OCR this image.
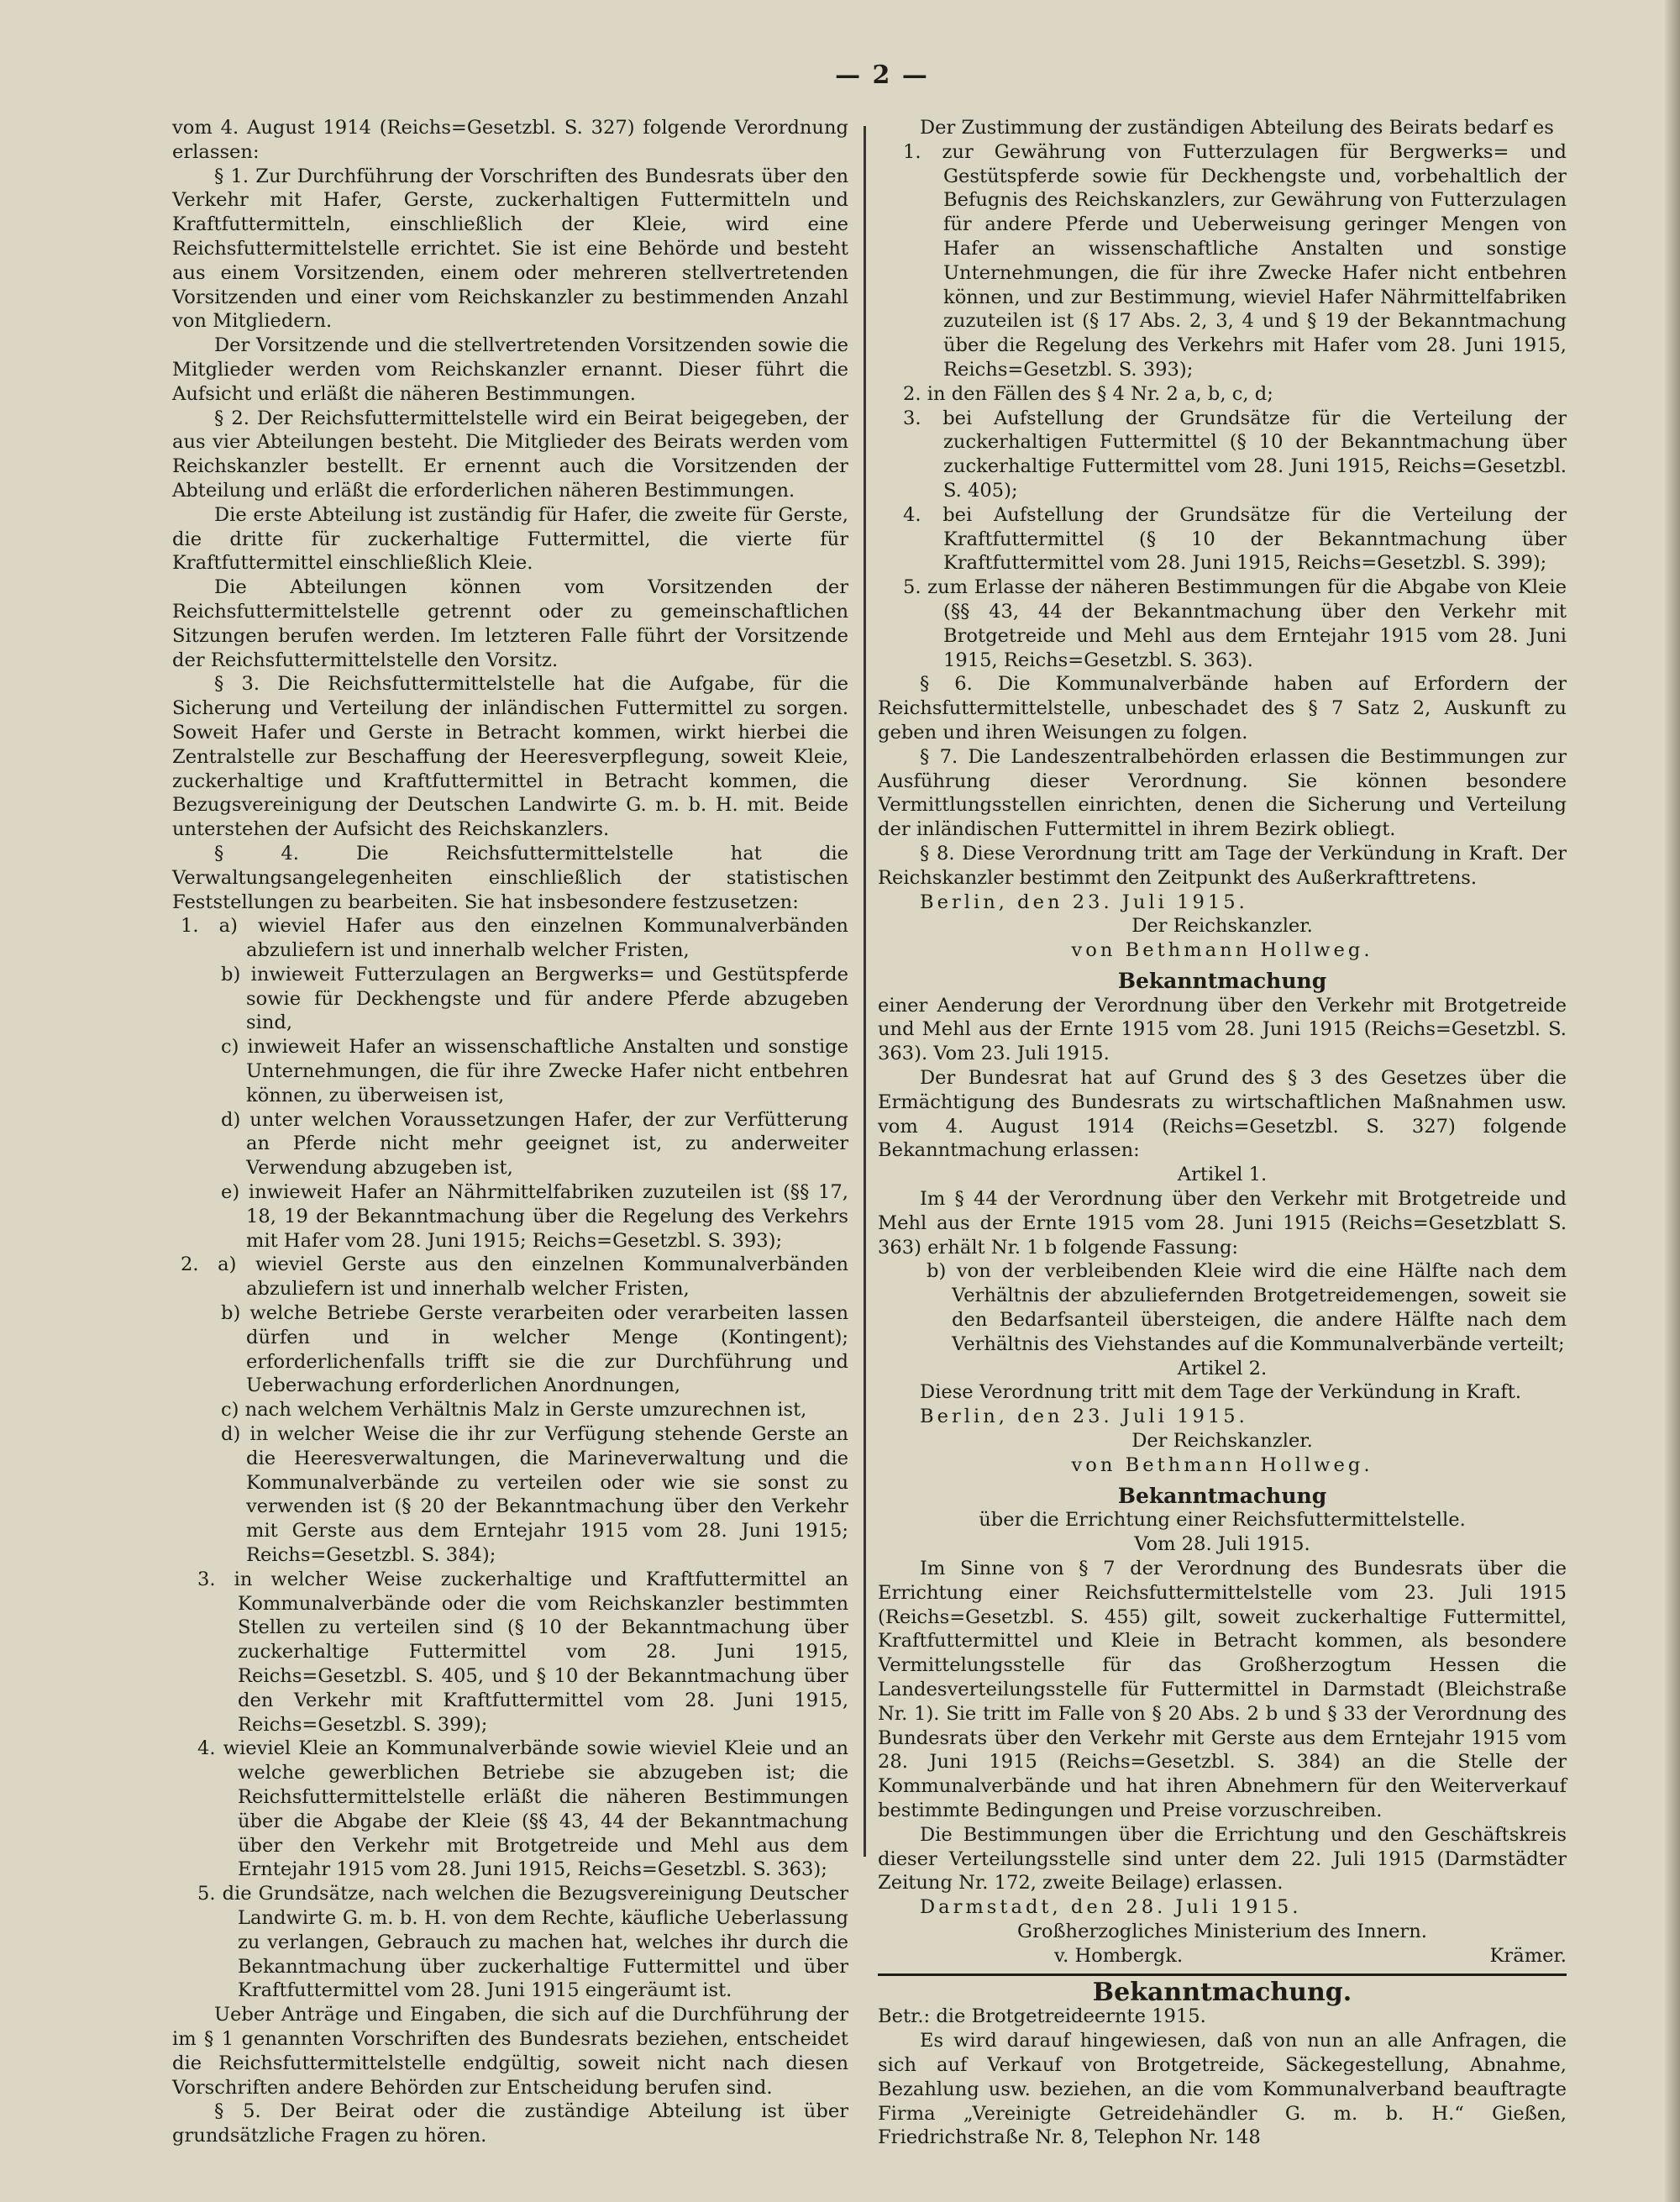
— 2 —

vom 4. August 1914 (Reichs=Gesetzbl. S. 327) folgende Verordnung erlassen:

§ 1. Zur Durchführung der Vorschriften des Bundesrats über den Verkehr mit Hafer, Gerste, zuckerhaltigen Futtermitteln und Kraftfuttermitteln, einschließlich der Kleie, wird eine Reichsfuttermittelstelle errichtet. Sie ist eine Behörde und besteht aus einem Vorsitzenden, einem oder mehreren stellvertretenden Vorsitzenden und einer vom Reichskanzler zu bestimmenden Anzahl von Mitgliedern.

Der Vorsitzende und die stellvertretenden Vorsitzenden sowie die Mitglieder werden vom Reichskanzler ernannt. Dieser führt die Aufsicht und erläßt die näheren Bestimmungen.

§ 2. Der Reichsfuttermittelstelle wird ein Beirat beigegeben, der aus vier Abteilungen besteht. Die Mitglieder des Beirats werden vom Reichskanzler bestellt. Er ernennt auch die Vorsitzenden der Abteilung und erläßt die erforderlichen näheren Bestimmungen.

Die erste Abteilung ist zuständig für Hafer, die zweite für Gerste, die dritte für zuckerhaltige Futtermittel, die vierte für Kraftfuttermittel einschließlich Kleie.

Die Abteilungen können vom Vorsitzenden der Reichsfuttermittelstelle getrennt oder zu gemeinschaftlichen Sitzungen berufen werden. Im letzteren Falle führt der Vorsitzende der Reichsfuttermittelstelle den Vorsitz.

§ 3. Die Reichsfuttermittelstelle hat die Aufgabe, für die Sicherung und Verteilung der inländischen Futtermittel zu sorgen. Soweit Hafer und Gerste in Betracht kommen, wirkt hierbei die Zentralstelle zur Beschaffung der Heeresverpflegung, soweit Kleie, zuckerhaltige und Kraftfuttermittel in Betracht kommen, die Bezugsvereinigung der Deutschen Landwirte G. m. b. H. mit. Beide unterstehen der Aufsicht des Reichskanzlers.

§ 4. Die Reichsfuttermittelstelle hat die Verwaltungsangelegenheiten einschließlich der statistischen Feststellungen zu bearbeiten. Sie hat insbesondere festzusetzen:

1. a) wieviel Hafer aus den einzelnen Kommunalverbänden abzuliefern ist und innerhalb welcher Fristen,

b) inwieweit Futterzulagen an Bergwerks= und Gestütspferde sowie für Deckhengste und für andere Pferde abzugeben sind,

c) inwieweit Hafer an wissenschaftliche Anstalten und sonstige Unternehmungen, die für ihre Zwecke Hafer nicht entbehren können, zu überweisen ist,

d) unter welchen Voraussetzungen Hafer, der zur Verfütterung an Pferde nicht mehr geeignet ist, zu anderweiter Verwendung abzugeben ist,

e) inwieweit Hafer an Nährmittelfabriken zuzuteilen ist (§§ 17, 18, 19 der Bekanntmachung über die Regelung des Verkehrs mit Hafer vom 28. Juni 1915; Reichs=Gesetzbl. S. 393);

2. a) wieviel Gerste aus den einzelnen Kommunalverbänden abzuliefern ist und innerhalb welcher Fristen,

b) welche Betriebe Gerste verarbeiten oder verarbeiten lassen dürfen und in welcher Menge (Kontingent); erforderlichenfalls trifft sie die zur Durchführung und Ueberwachung erforderlichen Anordnungen,

c) nach welchem Verhältnis Malz in Gerste umzurechnen ist,

d) in welcher Weise die ihr zur Verfügung stehende Gerste an die Heeresverwaltungen, die Marineverwaltung und die Kommunalverbände zu verteilen oder wie sie sonst zu verwenden ist (§ 20 der Bekanntmachung über den Verkehr mit Gerste aus dem Erntejahr 1915 vom 28. Juni 1915; Reichs=Gesetzbl. S. 384);

3. in welcher Weise zuckerhaltige und Kraftfuttermittel an Kommunalverbände oder die vom Reichskanzler bestimmten Stellen zu verteilen sind (§ 10 der Bekanntmachung über zuckerhaltige Futtermittel vom 28. Juni 1915, Reichs=Gesetzbl. S. 405, und § 10 der Bekanntmachung über den Verkehr mit Kraftfuttermittel vom 28. Juni 1915, Reichs=Gesetzbl. S. 399);

4. wieviel Kleie an Kommunalverbände sowie wieviel Kleie und an welche gewerblichen Betriebe sie abzugeben ist; die Reichsfuttermittelstelle erläßt die näheren Bestimmungen über die Abgabe der Kleie (§§ 43, 44 der Bekanntmachung über den Verkehr mit Brotgetreide und Mehl aus dem Erntejahr 1915 vom 28. Juni 1915, Reichs=Gesetzbl. S. 363);

5. die Grundsätze, nach welchen die Bezugsvereinigung Deutscher Landwirte G. m. b. H. von dem Rechte, käufliche Ueberlassung zu verlangen, Gebrauch zu machen hat, welches ihr durch die Bekanntmachung über zuckerhaltige Futtermittel und über Kraftfuttermittel vom 28. Juni 1915 eingeräumt ist.

Ueber Anträge und Eingaben, die sich auf die Durchführung der im § 1 genannten Vorschriften des Bundesrats beziehen, entscheidet die Reichsfuttermittelstelle endgültig, soweit nicht nach diesen Vorschriften andere Behörden zur Entscheidung berufen sind.

§ 5. Der Beirat oder die zuständige Abteilung ist über grundsätzliche Fragen zu hören.

Der Zustimmung der zuständigen Abteilung des Beirats bedarf es

1. zur Gewährung von Futterzulagen für Bergwerks= und Gestütspferde sowie für Deckhengste und, vorbehaltlich der Befugnis des Reichskanzlers, zur Gewährung von Futterzulagen für andere Pferde und Ueberweisung geringer Mengen von Hafer an wissenschaftliche Anstalten und sonstige Unternehmungen, die für ihre Zwecke Hafer nicht entbehren können, und zur Bestimmung, wieviel Hafer Nährmittelfabriken zuzuteilen ist (§ 17 Abs. 2, 3, 4 und § 19 der Bekanntmachung über die Regelung des Verkehrs mit Hafer vom 28. Juni 1915, Reichs=Gesetzbl. S. 393);

2. in den Fällen des § 4 Nr. 2 a, b, c, d;

3. bei Aufstellung der Grundsätze für die Verteilung der zuckerhaltigen Futtermittel (§ 10 der Bekanntmachung über zuckerhaltige Futtermittel vom 28. Juni 1915, Reichs=Gesetzbl. S. 405);

4. bei Aufstellung der Grundsätze für die Verteilung der Kraftfuttermittel (§ 10 der Bekanntmachung über Kraftfuttermittel vom 28. Juni 1915, Reichs=Gesetzbl. S. 399);

5. zum Erlasse der näheren Bestimmungen für die Abgabe von Kleie (§§ 43, 44 der Bekanntmachung über den Verkehr mit Brotgetreide und Mehl aus dem Erntejahr 1915 vom 28. Juni 1915, Reichs=Gesetzbl. S. 363).

§ 6. Die Kommunalverbände haben auf Erfordern der Reichsfuttermittelstelle, unbeschadet des § 7 Satz 2, Auskunft zu geben und ihren Weisungen zu folgen.

§ 7. Die Landeszentralbehörden erlassen die Bestimmungen zur Ausführung dieser Verordnung. Sie können besondere Vermittlungsstellen einrichten, denen die Sicherung und Verteilung der inländischen Futtermittel in ihrem Bezirk obliegt.

§ 8. Diese Verordnung tritt am Tage der Verkündung in Kraft. Der Reichskanzler bestimmt den Zeitpunkt des Außerkrafttretens.

Berlin, den 23. Juli 1915.

Der Reichskanzler.

von Bethmann Hollweg.

Bekanntmachung

einer Aenderung der Verordnung über den Verkehr mit Brotgetreide und Mehl aus der Ernte 1915 vom 28. Juni 1915 (Reichs=Gesetzbl. S. 363). Vom 23. Juli 1915.

Der Bundesrat hat auf Grund des § 3 des Gesetzes über die Ermächtigung des Bundesrats zu wirtschaftlichen Maßnahmen usw. vom 4. August 1914 (Reichs=Gesetzbl. S. 327) folgende Bekanntmachung erlassen:

Artikel 1.

Im § 44 der Verordnung über den Verkehr mit Brotgetreide und Mehl aus der Ernte 1915 vom 28. Juni 1915 (Reichs=Gesetzblatt S. 363) erhält Nr. 1 b folgende Fassung:

b) von der verbleibenden Kleie wird die eine Hälfte nach dem Verhältnis der abzuliefernden Brotgetreidemengen, soweit sie den Bedarfsanteil übersteigen, die andere Hälfte nach dem Verhältnis des Viehstandes auf die Kommunalverbände verteilt;

Artikel 2.

Diese Verordnung tritt mit dem Tage der Verkündung in Kraft.

Berlin, den 23. Juli 1915.

Der Reichskanzler.

von Bethmann Hollweg.

Bekanntmachung

über die Errichtung einer Reichsfuttermittelstelle.

Vom 28. Juli 1915.

Im Sinne von § 7 der Verordnung des Bundesrats über die Errichtung einer Reichsfuttermittelstelle vom 23. Juli 1915 (Reichs=Gesetzbl. S. 455) gilt, soweit zuckerhaltige Futtermittel, Kraftfuttermittel und Kleie in Betracht kommen, als besondere Vermittelungsstelle für das Großherzogtum Hessen die Landesverteilungsstelle für Futtermittel in Darmstadt (Bleichstraße Nr. 1). Sie tritt im Falle von § 20 Abs. 2 b und § 33 der Verordnung des Bundesrats über den Verkehr mit Gerste aus dem Erntejahr 1915 vom 28. Juni 1915 (Reichs=Gesetzbl. S. 384) an die Stelle der Kommunalverbände und hat ihren Abnehmern für den Weiterverkauf bestimmte Bedingungen und Preise vorzuschreiben.

Die Bestimmungen über die Errichtung und den Geschäftskreis dieser Verteilungsstelle sind unter dem 22. Juli 1915 (Darmstädter Zeitung Nr. 172, zweite Beilage) erlassen.

Darmstadt, den 28. Juli 1915.

Großherzogliches Ministerium des Innern.

v. Hombergk.	Krämer.

Bekanntmachung.

Betr.: die Brotgetreideernte 1915.

Es wird darauf hingewiesen, daß von nun an alle Anfragen, die sich auf Verkauf von Brotgetreide, Säckegestellung, Abnahme, Bezahlung usw. beziehen, an die vom Kommunalverband beauftragte Firma „Vereinigte Getreidehändler G. m. b. H.“ Gießen, Friedrichstraße Nr. 8, Telephon Nr. 148
